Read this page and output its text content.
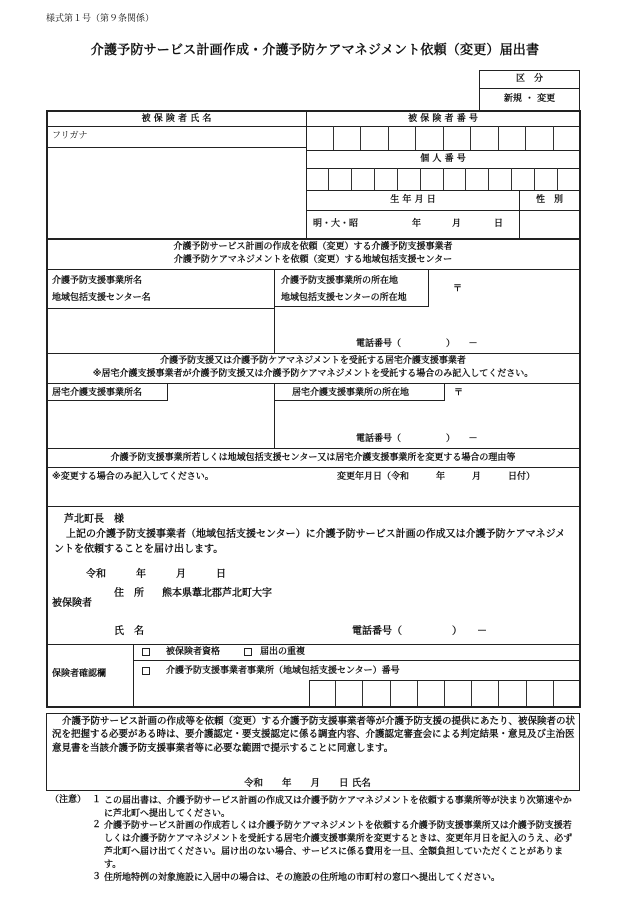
様式第１号（第９条関係）
介護予防サービス計画作成・介護予防ケアマネジメント依頼（変更）届出書
区　分
新規 ・ 変更
被 保 険 者 氏 名	被 保 険 者 番 号
フリガナ
個 人 番 号
生 年 月 日	性　別
明・大・昭	年	月	日
介護予防サービス計画の作成を依頼（変更）する介護予防支援事業者
介護予防ケアマネジメントを依頼（変更）する地域包括支援センター
介護予防支援事業所名
地域包括支援センター名
介護予防支援事業所の所在地
地域包括支援センターの所在地
〒
電話番号（　　　　　）　　－
介護予防支援又は介護予防ケアマネジメントを受託する居宅介護支援事業者
※居宅介護支援事業者が介護予防支援又は介護予防ケアマネジメントを受託する場合のみ記入してください。
居宅介護支援事業所名	居宅介護支援事業所の所在地	〒
電話番号（　　　　　）　　－
介護予防支援事業所若しくは地域包括支援センター又は居宅介護支援事業所を変更する場合の理由等
※変更する場合のみ記入してください。	変更年月日（令和　　　年　　　月　　　日付）
芦北町長　様
上記の介護予防支援事業者（地域包括支援センター）に介護予防サービス計画の作成又は介護予防ケアマネジメントを依頼することを届け出します。
令和　　　年　　　月　　　日
被保険者
住　所 熊本県葦北郡芦北町大字
氏　名	電話番号（　　　　　）　　－
保険者確認欄
被保険者資格	届出の重複
介護予防支援事業者事業所（地域包括支援センター）番号
介護予防サービス計画の作成等を依頼（変更）する介護予防支援事業者等が介護予防支援の提供にあたり、被保険者の状況を把握する必要がある時は、要介護認定・要支援認定に係る調査内容、介護認定審査会による判定結果・意見及び主治医意見書を当該介護予防支援事業者等に必要な範囲で提示することに同意します。
令和　　年　　月　　日 氏名
（注意） １ この届出書は、介護予防サービス計画の作成又は介護予防ケアマネジメントを依頼する事業所等が決まり次第速やかに芦北町へ提出してください。
２ 介護予防サービス計画の作成若しくは介護予防ケアマネジメントを依頼する介護予防支援事業所又は介護予防支援若しくは介護予防ケアマネジメントを受託する居宅介護支援事業所を変更するときは、変更年月日を記入のうえ、必ず芦北町へ届け出てください。届け出のない場合、サービスに係る費用を一旦、全額負担していただくことがあります。
３ 住所地特例の対象施設に入居中の場合は、その施設の住所地の市町村の窓口へ提出してください。
